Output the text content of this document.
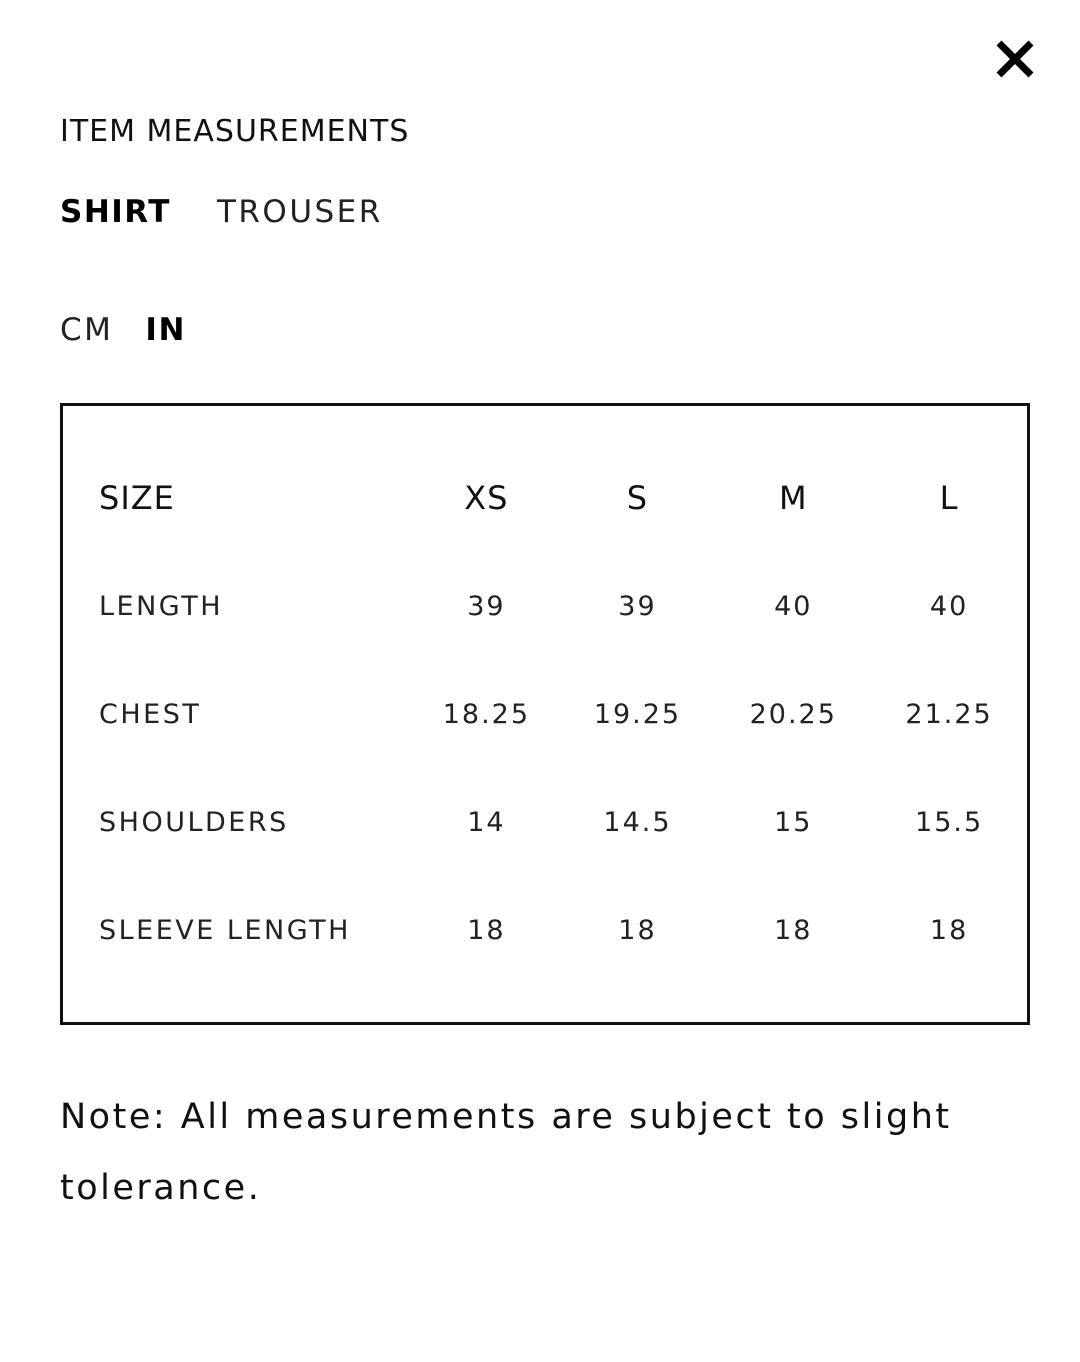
ITEM MEASUREMENTS
SHIRT TROUSER
CM IN
SIZE	XS	S	M	L
LENGTH	39	39	40	40
CHEST	18.25	19.25	20.25	21.25
SHOULDERS	14	14.5	15	15.5
SLEEVE LENGTH	18	18	18	18

Note: All measurements are subject to slight tolerance.
